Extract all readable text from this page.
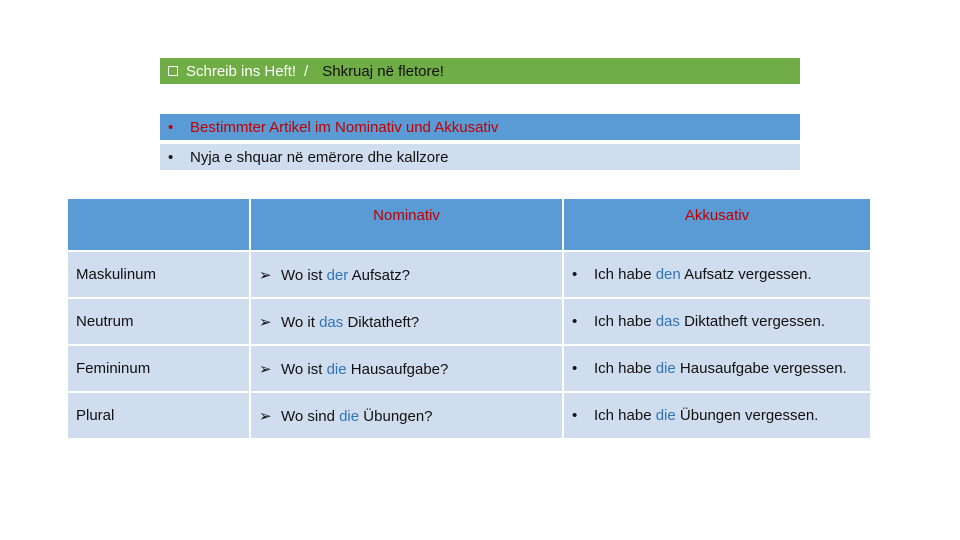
Schreib ins Heft! / Shkruaj në fletore!
•	Bestimmter Artikel im Nominativ und Akkusativ
•	Nyja e shquar në emërore dhe kallzore
	Nominativ	Akkusativ
Maskulinum	➢ Wo ist der Aufsatz?	• Ich habe den Aufsatz vergessen.
Neutrum	➢ Wo it das Diktatheft?	• Ich habe das Diktatheft vergessen.
Femininum	➢ Wo ist die Hausaufgabe?	• Ich habe die Hausaufgabe vergessen.
Plural	➢ Wo sind die Übungen?	• Ich habe die Übungen vergessen.
